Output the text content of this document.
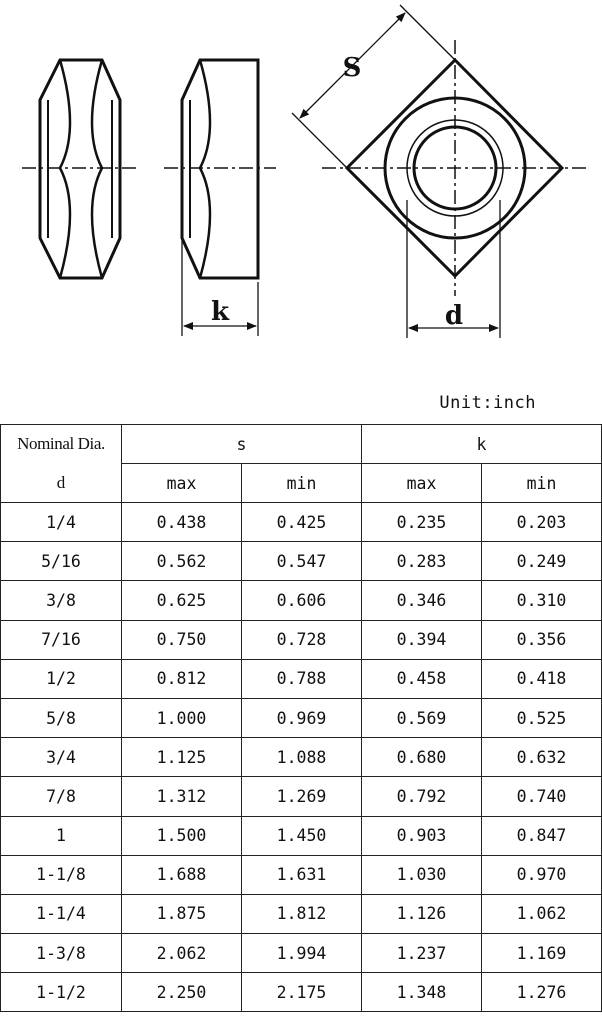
k
S
d
Unit:inch
Nominal Dia.	s		k	
d	max	min	max	min
1/4	0.438	0.425	0.235	0.203
5/16	0.562	0.547	0.283	0.249
3/8	0.625	0.606	0.346	0.310
7/16	0.750	0.728	0.394	0.356
1/2	0.812	0.788	0.458	0.418
5/8	1.000	0.969	0.569	0.525
3/4	1.125	1.088	0.680	0.632
7/8	1.312	1.269	0.792	0.740
1	1.500	1.450	0.903	0.847
1-1/8	1.688	1.631	1.030	0.970
1-1/4	1.875	1.812	1.126	1.062
1-3/8	2.062	1.994	1.237	1.169
1-1/2	2.250	2.175	1.348	1.276
